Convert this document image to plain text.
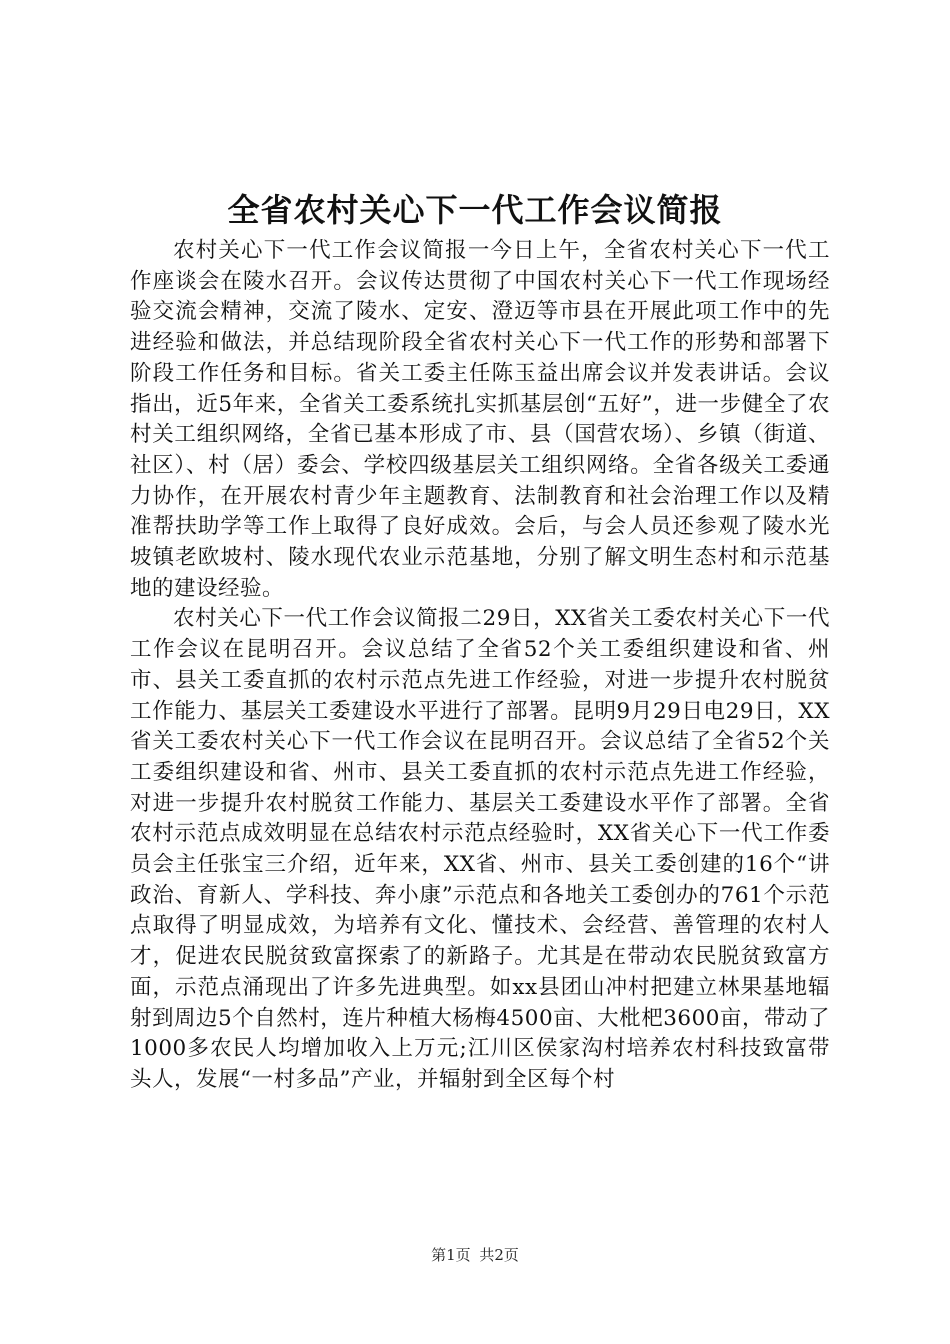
全省农村关心下一代工作会议简报

农村关心下一代工作会议简报一今日上午，全省农村关心下一代工作座谈会在陵水召开。会议传达贯彻了中国农村关心下一代工作现场经验交流会精神，交流了陵水、定安、澄迈等市县在开展此项工作中的先进经验和做法，并总结现阶段全省农村关心下一代工作的形势和部署下阶段工作任务和目标。省关工委主任陈玉益出席会议并发表讲话。会议指出，近5年来，全省关工委系统扎实抓基层创“五好”，进一步健全了农村关工组织网络，全省已基本形成了市、县（国营农场）、乡镇（街道、社区）、村（居）委会、学校四级基层关工组织网络。全省各级关工委通力协作，在开展农村青少年主题教育、法制教育和社会治理工作以及精准帮扶助学等工作上取得了良好成效。会后，与会人员还参观了陵水光坡镇老欧坡村、陵水现代农业示范基地，分别了解文明生态村和示范基地的建设经验。

农村关心下一代工作会议简报二29日，XX省关工委农村关心下一代工作会议在昆明召开。会议总结了全省52个关工委组织建设和省、州市、县关工委直抓的农村示范点先进工作经验，对进一步提升农村脱贫工作能力、基层关工委建设水平进行了部署。昆明9月29日电29日，XX省关工委农村关心下一代工作会议在昆明召开。会议总结了全省52个关工委组织建设和省、州市、县关工委直抓的农村示范点先进工作经验，对进一步提升农村脱贫工作能力、基层关工委建设水平作了部署。全省农村示范点成效明显在总结农村示范点经验时，XX省关心下一代工作委员会主任张宝三介绍，近年来，XX省、州市、县关工委创建的16个“讲政治、育新人、学科技、奔小康”示范点和各地关工委创办的761个示范点取得了明显成效，为培养有文化、懂技术、会经营、善管理的农村人才，促进农民脱贫致富探索了的新路子。尤其是在带动农民脱贫致富方面，示范点涌现出了许多先进典型。如xx县团山冲村把建立林果基地辐射到周边5个自然村，连片种植大杨梅4500亩、大枇杷3600亩，带动了1000多农民人均增加收入上万元;江川区侯家沟村培养农村科技致富带头人，发展“一村多品”产业，并辐射到全区每个村

第1页 共2页
